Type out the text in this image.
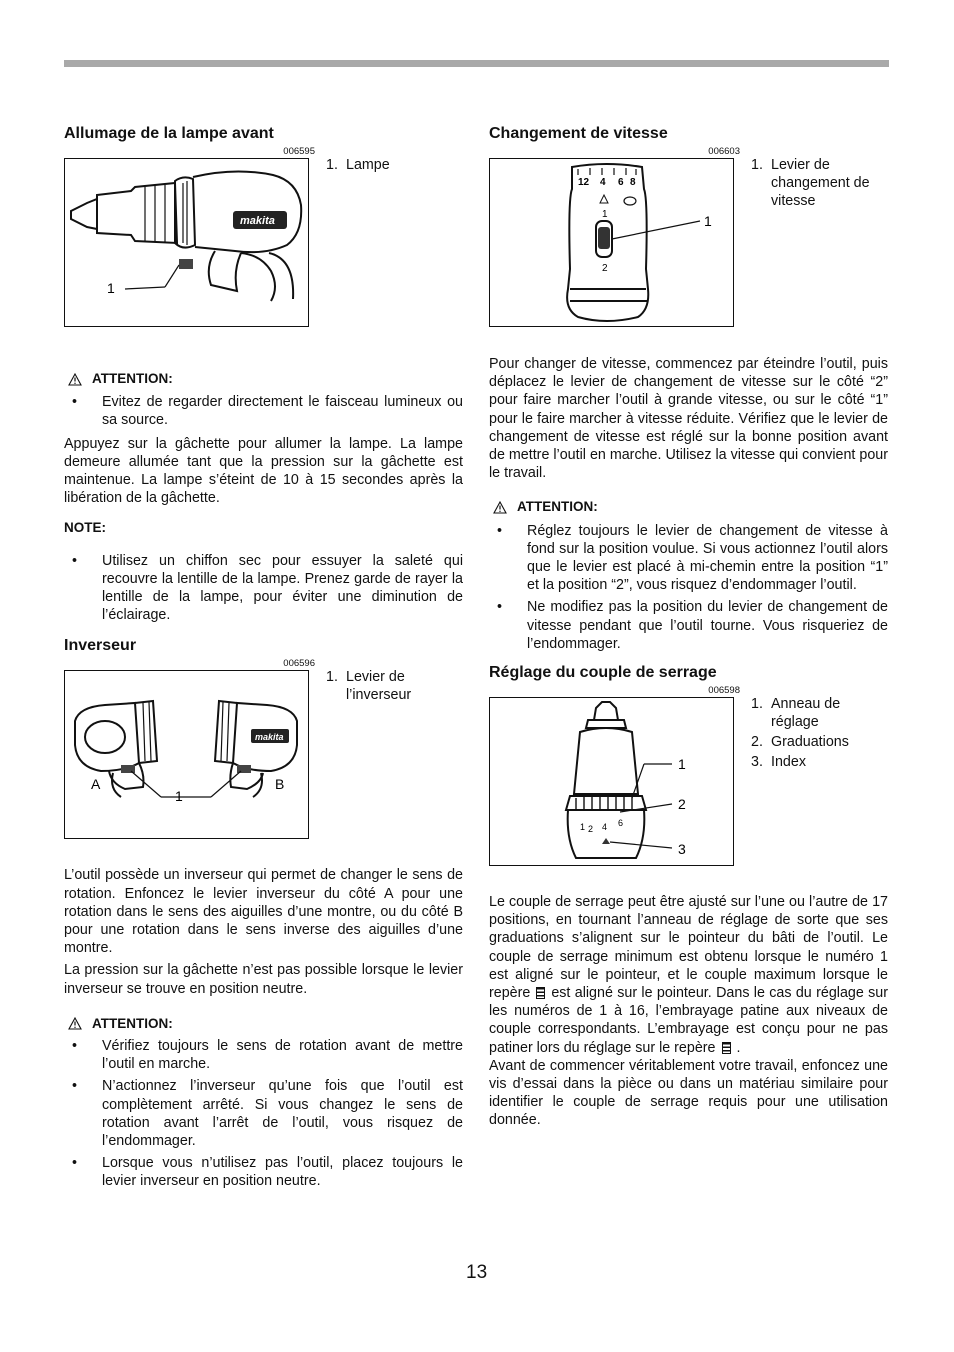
Allumage de la lampe avant
006595
makita
1
1. Lampe
ATTENTION:
• Evitez de regarder directement le faisceau lumineux ou sa source.

Appuyez sur la gâchette pour allumer la lampe. La lampe demeure allumée tant que la pression sur la gâchette est maintenue. La lampe s’éteint de 10 à 15 secondes après la libération de la gâchette.

NOTE:
• Utilisez un chiffon sec pour essuyer la saleté qui recouvre la lentille de la lampe. Prenez garde de rayer la lentille de la lampe, pour éviter une diminution de l’éclairage.
Inverseur
006596
makita
A
1
B
1. Levier de l’inverseur

L’outil possède un inverseur qui permet de changer le sens de rotation. Enfoncez le levier inverseur du côté A pour une rotation dans le sens des aiguilles d’une montre, ou du côté B pour une rotation dans le sens inverse des aiguilles d’une montre.

La pression sur la gâchette n’est pas possible lorsque le levier inverseur se trouve en position neutre.

ATTENTION:
• Vérifiez toujours le sens de rotation avant de mettre l’outil en marche.
• N’actionnez l’inverseur qu’une fois que l’outil est complètement arrêté. Si vous changez le sens de rotation avant l’arrêt de l’outil, vous risquez de l’endommager.
• Lorsque vous n’utilisez pas l’outil, placez toujours le levier inverseur en position neutre.
Changement de vitesse
006603
12 4 6 8
1
2
1
1. Levier de changement de vitesse

Pour changer de vitesse, commencez par éteindre l’outil, puis déplacez le levier de changement de vitesse sur le côté “2” pour faire marcher l’outil à grande vitesse, ou sur le côté “1” pour le faire marcher à vitesse réduite. Vérifiez que le levier de changement de vitesse est réglé sur la bonne position avant de mettre l’outil en marche. Utilisez la vitesse qui convient pour le travail.

ATTENTION:
• Réglez toujours le levier de changement de vitesse à fond sur la position voulue. Si vous actionnez l’outil alors que le levier est placé à mi-chemin entre la position “1” et la position “2”, vous risquez d’endommager l’outil.
• Ne modifiez pas la position du levier de changement de vitesse pendant que l’outil tourne. Vous risqueriez de l’endommager.
Réglage du couple de serrage
006598
1 2 4 6
1
2
3
1. Anneau de réglage
2. Graduations
3. Index

Le couple de serrage peut être ajusté sur l’une ou l’autre de 17 positions, en tournant l’anneau de réglage de sorte que ses graduations s’alignent sur le pointeur du bâti de l’outil. Le couple de serrage minimum est obtenu lorsque le numéro 1 est aligné sur le pointeur, et le couple maximum lorsque le repère est aligné sur le pointeur. Dans le cas du réglage sur les numéros de 1 à 16, l’embrayage patine aux niveaux de couple correspondants. L’embrayage est conçu pour ne pas patiner lors du réglage sur le repère .

Avant de commencer véritablement votre travail, enfoncez une vis d’essai dans la pièce ou dans un matériau similaire pour identifier le couple de serrage requis pour une utilisation donnée.

13
